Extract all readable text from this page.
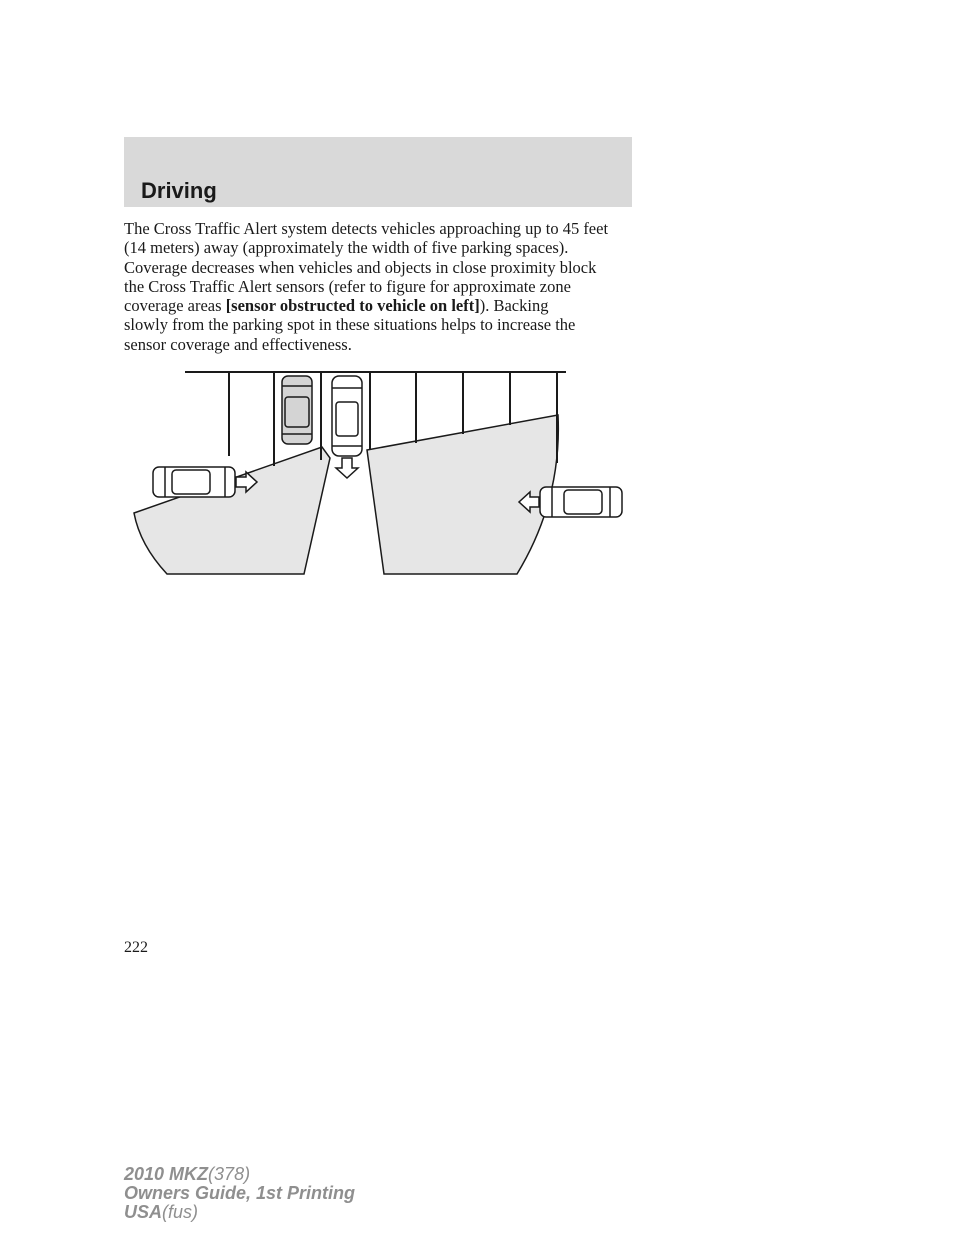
Driving

The Cross Traffic Alert system detects vehicles approaching up to 45 feet
(14 meters) away (approximately the width of five parking spaces).
Coverage decreases when vehicles and objects in close proximity block
the Cross Traffic Alert sensors (refer to figure for approximate zone
coverage areas [sensor obstructed to vehicle on left]). Backing
slowly from the parking spot in these situations helps to increase the
sensor coverage and effectiveness.

222
2010 MKZ(378)
Owners Guide, 1st Printing
USA(fus)
